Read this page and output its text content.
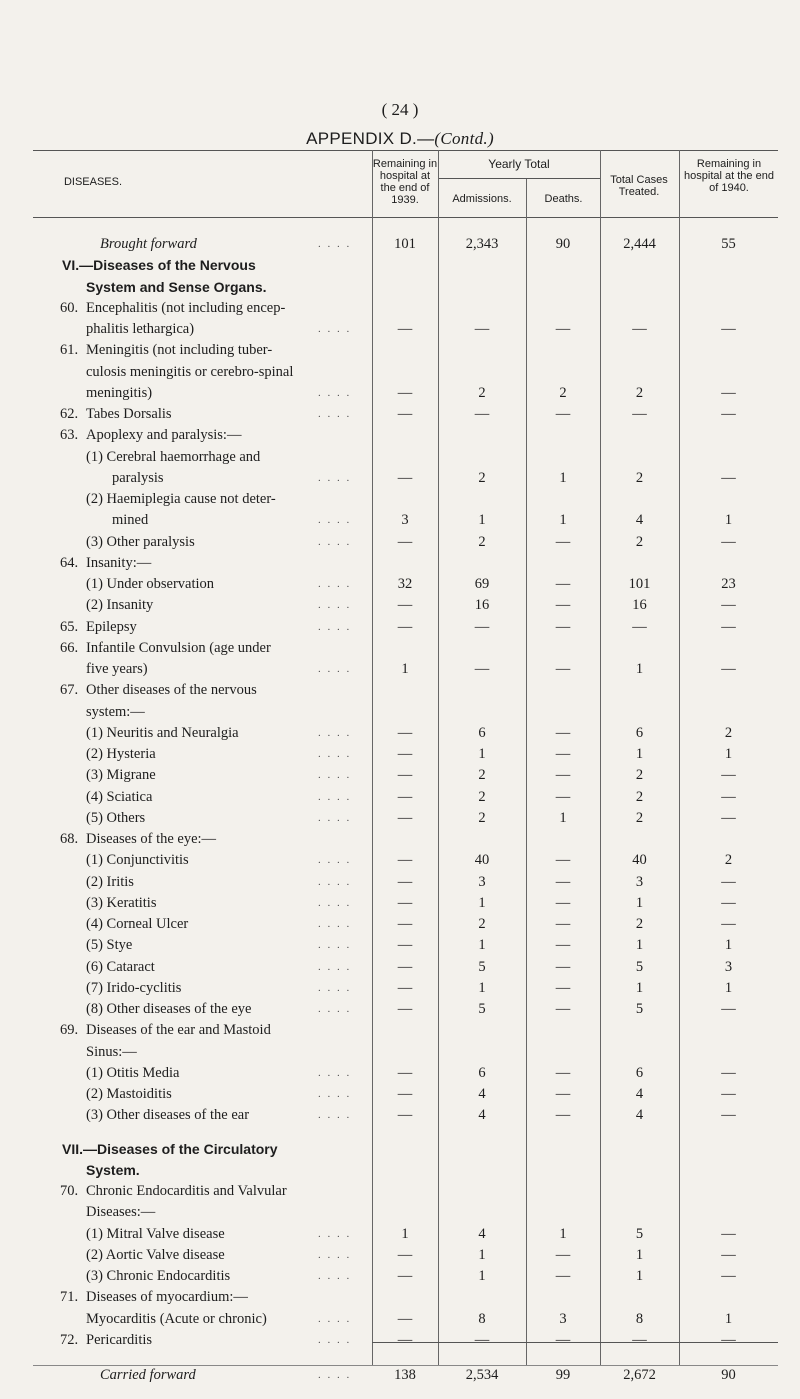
( 24 )
APPENDIX D.—(Contd.)
DISEASES.
Remaining in hospital at the end of 1939.
Yearly Total
Admissions.	Deaths.
Total Cases Treated.
Remaining in hospital at the end of 1940.
Brought forward	. . . .	101	2,343	90	2,444	55
VI.—Diseases of the Nervous
System and Sense Organs.
60. Encephalitis (not including encep-
phalitis lethargica)	. . . .	—	—	—	—	—
61. Meningitis (not including tuber-
culosis meningitis or cerebro-spinal
meningitis)	. . . .	—	2	2	2	—
62. Tabes Dorsalis	. . . .	—	—	—	—	—
63. Apoplexy and paralysis:—
(1) Cerebral haemorrhage and
paralysis	. . . .	—	2	1	2	—
(2) Haemiplegia cause not deter-
mined	. . . .	3	1	1	4	1
(3) Other paralysis	. . . .	—	2	—	2	—
64. Insanity:—
(1) Under observation	. . . .	32	69	—	101	23
(2) Insanity	. . . .	—	16	—	16	—
65. Epilepsy	. . . .	—	—	—	—	—
66. Infantile Convulsion (age under
five years)	. . . .	1	—	—	1	—
67. Other diseases of the nervous
system:—
(1) Neuritis and Neuralgia	. . . .	—	6	—	6	2
(2) Hysteria	. . . .	—	1	—	1	1
(3) Migrane	. . . .	—	2	—	2	—
(4) Sciatica	. . . .	—	2	—	2	—
(5) Others	. . . .	—	2	1	2	—
68. Diseases of the eye:—
(1) Conjunctivitis	. . . .	—	40	—	40	2
(2) Iritis	. . . .	—	3	—	3	—
(3) Keratitis	. . . .	—	1	—	1	—
(4) Corneal Ulcer	. . . .	—	2	—	2	—
(5) Stye	. . . .	—	1	—	1	1
(6) Cataract	. . . .	—	5	—	5	3
(7) Irido-cyclitis	. . . .	—	1	—	1	1
(8) Other diseases of the eye	. . . .	—	5	—	5	—
69. Diseases of the ear and Mastoid
Sinus:—
(1) Otitis Media	. . . .	—	6	—	6	—
(2) Mastoiditis	. . . .	—	4	—	4	—
(3) Other diseases of the ear	. . . .	—	4	—	4	—
VII.—Diseases of the Circulatory
System.
70. Chronic Endocarditis and Valvular
Diseases:—
(1) Mitral Valve disease	. . . .	1	4	1	5	—
(2) Aortic Valve disease	. . . .	—	1	—	1	—
(3) Chronic Endocarditis	. . . .	—	1	—	1	—
71. Diseases of myocardium:—
Myocarditis (Acute or chronic)	. . . .	—	8	3	8	1
72. Pericarditis	. . . .	—	—	—	—	—
Carried forward	. . . .	138	2,534	99	2,672	90
